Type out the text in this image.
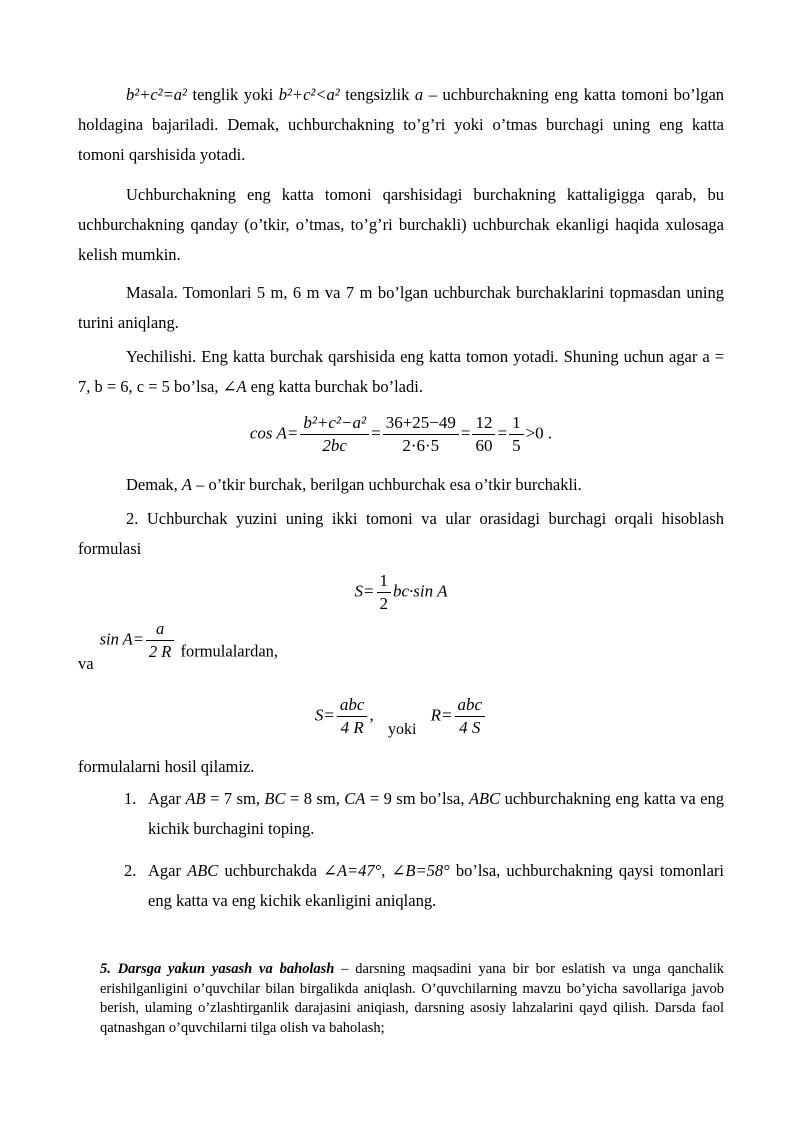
b²+c²=a² tenglik yoki b²+c²<a² tengsizlik a – uchburchakning eng katta tomoni bo’lgan holdagina bajariladi. Demak, uchburchakning to’g’ri yoki o’tmas burchagi uning eng katta tomoni qarshisida yotadi.
Uchburchakning eng katta tomoni qarshisidagi burchakning kattaligigga qarab, bu uchburchakning qanday (o’tkir, o’tmas, to’g’ri burchakli) uchburchak ekanligi haqida xulosaga kelish mumkin.
Masala. Tomonlari 5 m, 6 m va 7 m bo’lgan uchburchak burchaklarini topmasdan uning turini aniqlang.
Yechilishi. Eng katta burchak qarshisida eng katta tomon yotadi. Shuning uchun agar a = 7, b = 6, c = 5 bo’lsa, ∠A eng katta burchak bo’ladi.
$\cos A= \frac{\text{b²+c²−a²}}{2bc} = \frac{36+25-49}{2\cdot 6\cdot 5} = \frac{12}{60} = \frac{1}{5} >0$ .
Demak, A – o’tkir burchak, berilgan uchburchak esa o’tkir burchakli.
2. Uchburchak yuzini uning ikki tomoni va ular orasidagi burchagi orqali hisoblash formulasi
$S= \frac{1}{2} bc\cdot\sin$ A
vasin $A= \frac{a}{2 R}$ formulalardan,
$S= \frac{\text{abc}}{4 R}$ , yoki $R= \frac{\text{abc}}{4 S}$
formulalarni hosil qilamiz.
1. Agar AB = 7 sm, BC = 8 sm, CA = 9 sm bo’lsa, ABC uchburchakning eng katta va eng kichik burchagini toping.
2. Agar ABC uchburchakda ∠A=47°, ∠B=58° bo’lsa, uchburchakning qaysi tomonlari eng katta va eng kichik ekanligini aniqlang.
5. Darsga yakun yasash va baholash – darsning maqsadini yana bir bor eslatish va unga qanchalik erishilganligini o’quvchilar bilan birgalikda aniqlash. O’quvchilarning mavzu bo’yicha savollariga javob berish, ulaming o’zlashtirganlik darajasini aniqiash, darsning asosiy lahzalarini qayd qilish. Darsda faol qatnashgan o’quvchilarni tilga olish va baholash;
